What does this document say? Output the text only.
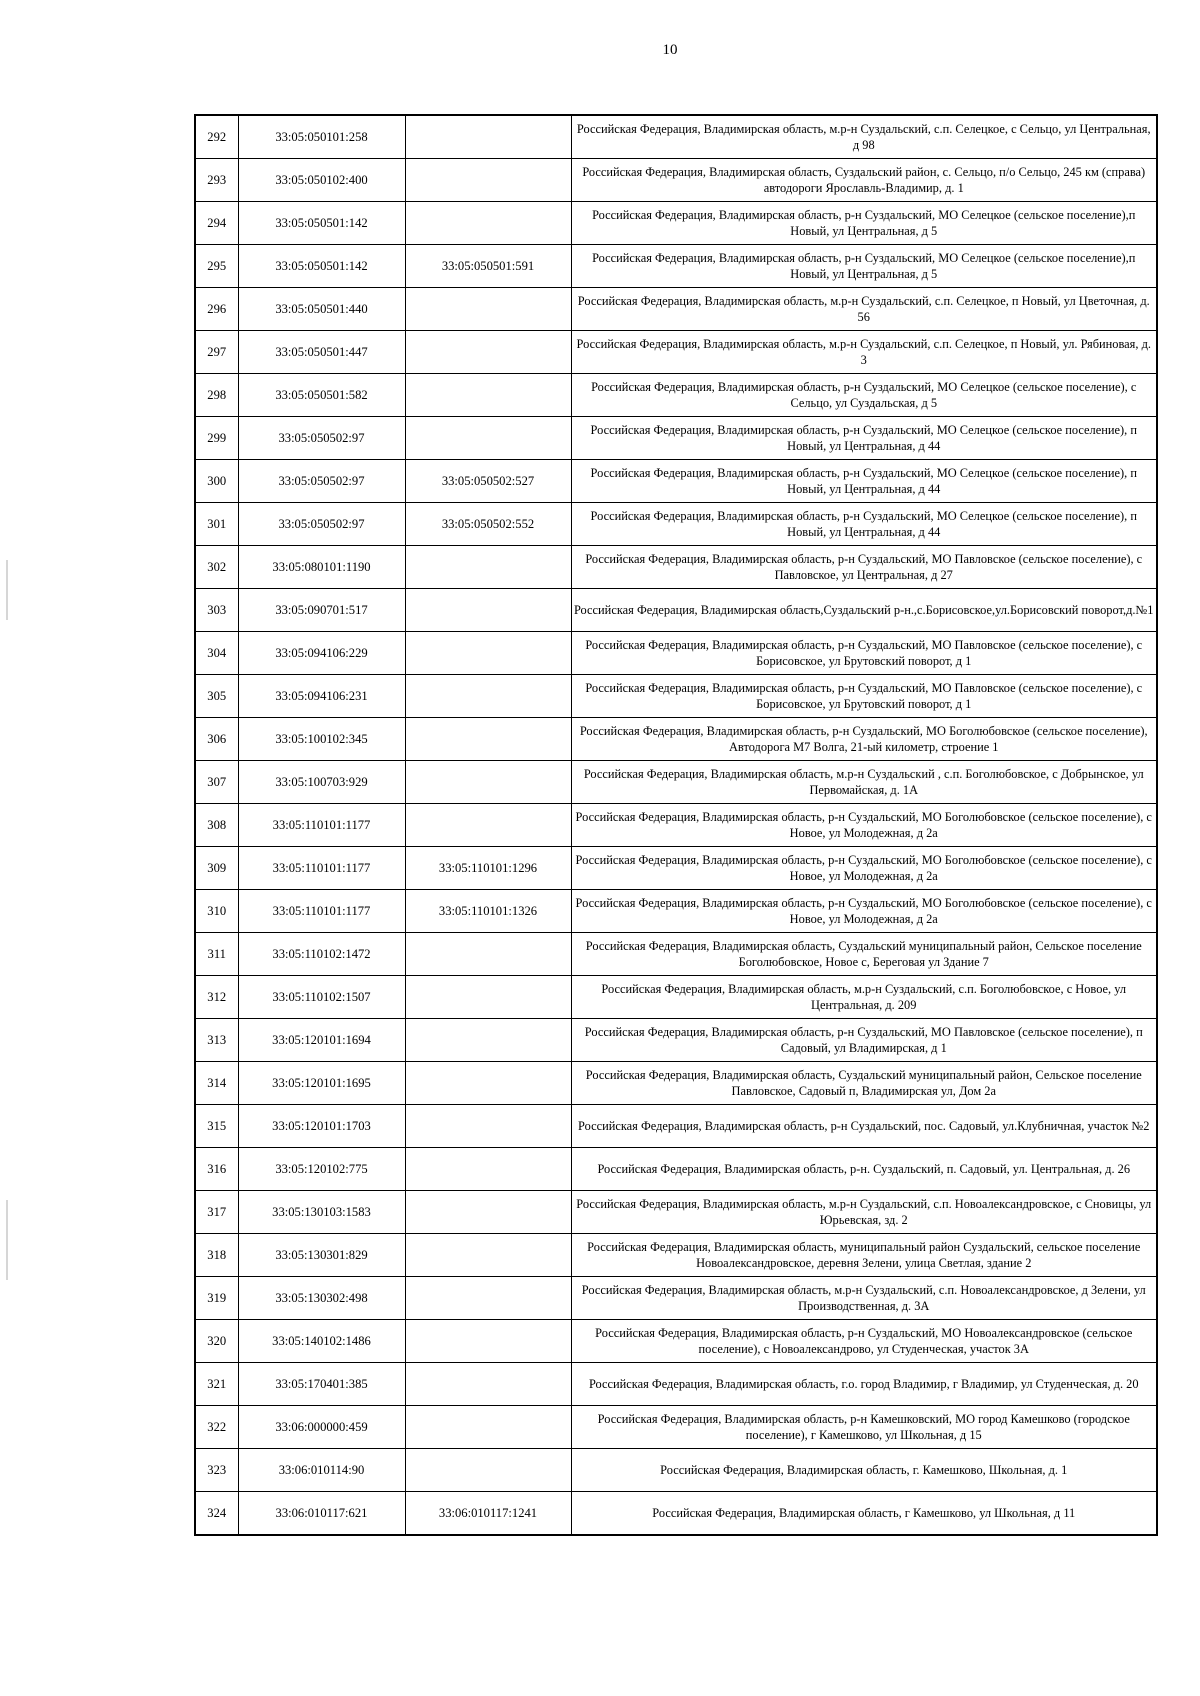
10
292	33:05:050101:258		Российская Федерация, Владимирская область, м.р-н Суздальский, с.п. Селецкое, с Сельцо, ул Центральная, д 98
293	33:05:050102:400		Российская Федерация, Владимирская область, Суздальский район, с. Сельцо, п/о Сельцо, 245 км (справа) автодороги Ярославль-Владимир, д. 1
294	33:05:050501:142		Российская Федерация, Владимирская область, р-н Суздальский, МО Селецкое (сельское поселение),п Новый, ул Центральная, д 5
295	33:05:050501:142	33:05:050501:591	Российская Федерация, Владимирская область, р-н Суздальский, МО Селецкое (сельское поселение),п Новый, ул Центральная, д 5
296	33:05:050501:440		Российская Федерация, Владимирская область, м.р-н Суздальский, с.п. Селецкое, п Новый, ул Цветочная, д. 56
297	33:05:050501:447		Российская Федерация, Владимирская область, м.р-н Суздальский, с.п. Селецкое, п Новый, ул. Рябиновая, д. 3
298	33:05:050501:582		Российская Федерация, Владимирская область, р-н Суздальский, МО Селецкое (сельское поселение), с Сельцо, ул Суздальская, д 5
299	33:05:050502:97		Российская Федерация, Владимирская область, р-н Суздальский, МО Селецкое (сельское поселение), п Новый, ул Центральная, д 44
300	33:05:050502:97	33:05:050502:527	Российская Федерация, Владимирская область, р-н Суздальский, МО Селецкое (сельское поселение), п Новый, ул Центральная, д 44
301	33:05:050502:97	33:05:050502:552	Российская Федерация, Владимирская область, р-н Суздальский, МО Селецкое (сельское поселение), п Новый, ул Центральная, д 44
302	33:05:080101:1190		Российская Федерация, Владимирская область, р-н Суздальский, МО Павловское (сельское поселение), с Павловское, ул Центральная, д 27
303	33:05:090701:517		Российская Федерация, Владимирская область,Суздальский р-н.,с.Борисовское,ул.Борисовский поворот,д.№1
304	33:05:094106:229		Российская Федерация, Владимирская область, р-н Суздальский, МО Павловское (сельское поселение), с Борисовское, ул Брутовский поворот, д 1
305	33:05:094106:231		Российская Федерация, Владимирская область, р-н Суздальский, МО Павловское (сельское поселение), с Борисовское, ул Брутовский поворот, д 1
306	33:05:100102:345		Российская Федерация, Владимирская область, р-н Суздальский, МО Боголюбовское (сельское поселение), Автодорога М7 Волга, 21-ый километр, строение 1
307	33:05:100703:929		Российская Федерация, Владимирская область, м.р-н Суздальский , с.п. Боголюбовское, с Добрынское, ул Первомайская, д. 1А
308	33:05:110101:1177		Российская Федерация, Владимирская область, р-н Суздальский, МО Боголюбовское (сельское поселение), с Новое, ул Молодежная, д 2а
309	33:05:110101:1177	33:05:110101:1296	Российская Федерация, Владимирская область, р-н Суздальский, МО Боголюбовское (сельское поселение), с Новое, ул Молодежная, д 2а
310	33:05:110101:1177	33:05:110101:1326	Российская Федерация, Владимирская область, р-н Суздальский, МО Боголюбовское (сельское поселение), с Новое, ул Молодежная, д 2а
311	33:05:110102:1472		Российская Федерация, Владимирская область, Суздальский муниципальный район, Сельское поселение Боголюбовское, Новое с, Береговая ул Здание 7
312	33:05:110102:1507		Российская Федерация, Владимирская область, м.р-н Суздальский, с.п. Боголюбовское, с Новое, ул Центральная, д. 209
313	33:05:120101:1694		Российская Федерация, Владимирская область, р-н Суздальский, МО Павловское (сельское поселение), п Садовый, ул Владимирская, д 1
314	33:05:120101:1695		Российская Федерация, Владимирская область, Суздальский муниципальный район, Сельское поселение Павловское, Садовый п, Владимирская ул, Дом 2а
315	33:05:120101:1703		Российская Федерация, Владимирская область, р-н Суздальский, пос. Садовый, ул.Клубничная, участок №2
316	33:05:120102:775		Российская Федерация, Владимирская область, р-н. Суздальский, п. Садовый, ул. Центральная, д. 26
317	33:05:130103:1583		Российская Федерация, Владимирская область, м.р-н Суздальский, с.п. Новоалександровское, с Сновицы, ул Юрьевская, зд. 2
318	33:05:130301:829		Российская Федерация, Владимирская область, муниципальный район Суздальский, сельское поселение Новоалександровское, деревня Зелени, улица Светлая, здание 2
319	33:05:130302:498		Российская Федерация, Владимирская область, м.р-н Суздальский, с.п. Новоалександровское, д Зелени, ул Производственная, д. 3А
320	33:05:140102:1486		Российская Федерация, Владимирская область, р-н Суздальский, МО Новоалександровское (сельское поселение), с Новоалександрово, ул Студенческая, участок 3А
321	33:05:170401:385		Российская Федерация, Владимирская область, г.о. город Владимир, г Владимир, ул Студенческая, д. 20
322	33:06:000000:459		Российская Федерация, Владимирская область, р-н Камешковский, МО город Камешково (городское поселение), г Камешково, ул Школьная, д 15
323	33:06:010114:90		Российская Федерация, Владимирская область, г. Камешково, Школьная, д. 1
324	33:06:010117:621	33:06:010117:1241	Российская Федерация, Владимирская область, г Камешково, ул Школьная, д 11
